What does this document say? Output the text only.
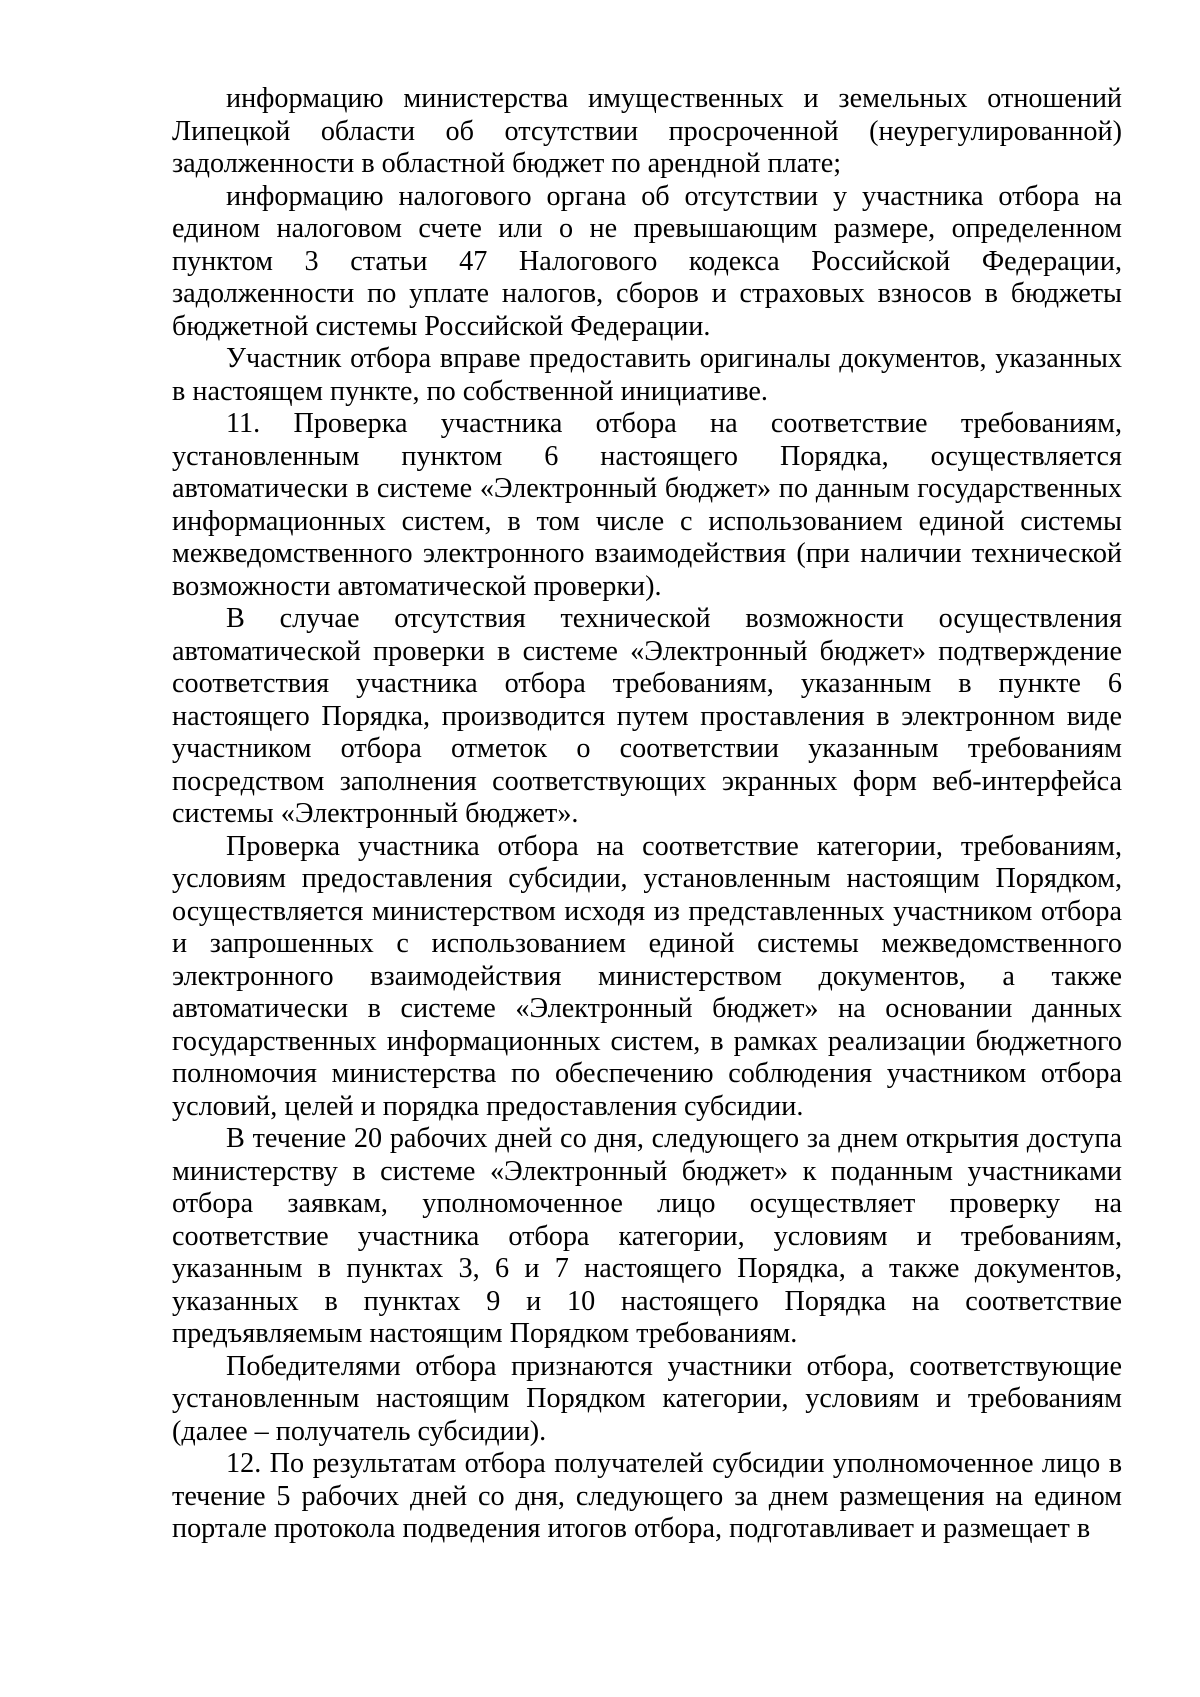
информацию министерства имущественных и земельных отношений Липецкой области об отсутствии просроченной (неурегулированной) задолженности в областной бюджет по арендной плате;

информацию налогового органа об отсутствии у участника отбора на едином налоговом счете или о не превышающим размере, определенном пунктом 3 статьи 47 Налогового кодекса Российской Федерации, задолженности по уплате налогов, сборов и страховых взносов в бюджеты бюджетной системы Российской Федерации.

Участник отбора вправе предоставить оригиналы документов, указанных в настоящем пункте, по собственной инициативе.

11. Проверка участника отбора на соответствие требованиям, установленным пунктом 6 настоящего Порядка, осуществляется автоматически в системе «Электронный бюджет» по данным государственных информационных систем, в том числе с использованием единой системы межведомственного электронного взаимодействия (при наличии технической возможности автоматической проверки).

В случае отсутствия технической возможности осуществления автоматической проверки в системе «Электронный бюджет» подтверждение соответствия участника отбора требованиям, указанным в пункте 6 настоящего Порядка, производится путем проставления в электронном виде участником отбора отметок о соответствии указанным требованиям посредством заполнения соответствующих экранных форм веб-интерфейса системы «Электронный бюджет».

Проверка участника отбора на соответствие категории, требованиям, условиям предоставления субсидии, установленным настоящим Порядком, осуществляется министерством исходя из представленных участником отбора и запрошенных с использованием единой системы межведомственного электронного взаимодействия министерством документов, а также автоматически в системе «Электронный бюджет» на основании данных государственных информационных систем, в рамках реализации бюджетного полномочия министерства по обеспечению соблюдения участником отбора условий, целей и порядка предоставления субсидии.

В течение 20 рабочих дней со дня, следующего за днем открытия доступа министерству в системе «Электронный бюджет» к поданным участниками отбора заявкам, уполномоченное лицо осуществляет проверку на соответствие участника отбора категории, условиям и требованиям, указанным в пунктах 3, 6 и 7 настоящего Порядка, а также документов, указанных в пунктах 9 и 10 настоящего Порядка на соответствие предъявляемым настоящим Порядком требованиям.

Победителями отбора признаются участники отбора, соответствующие установленным настоящим Порядком категории, условиям и требованиям (далее – получатель субсидии).

12. По результатам отбора получателей субсидии уполномоченное лицо в течение 5 рабочих дней со дня, следующего за днем размещения на едином портале протокола подведения итогов отбора, подготавливает и размещает в
